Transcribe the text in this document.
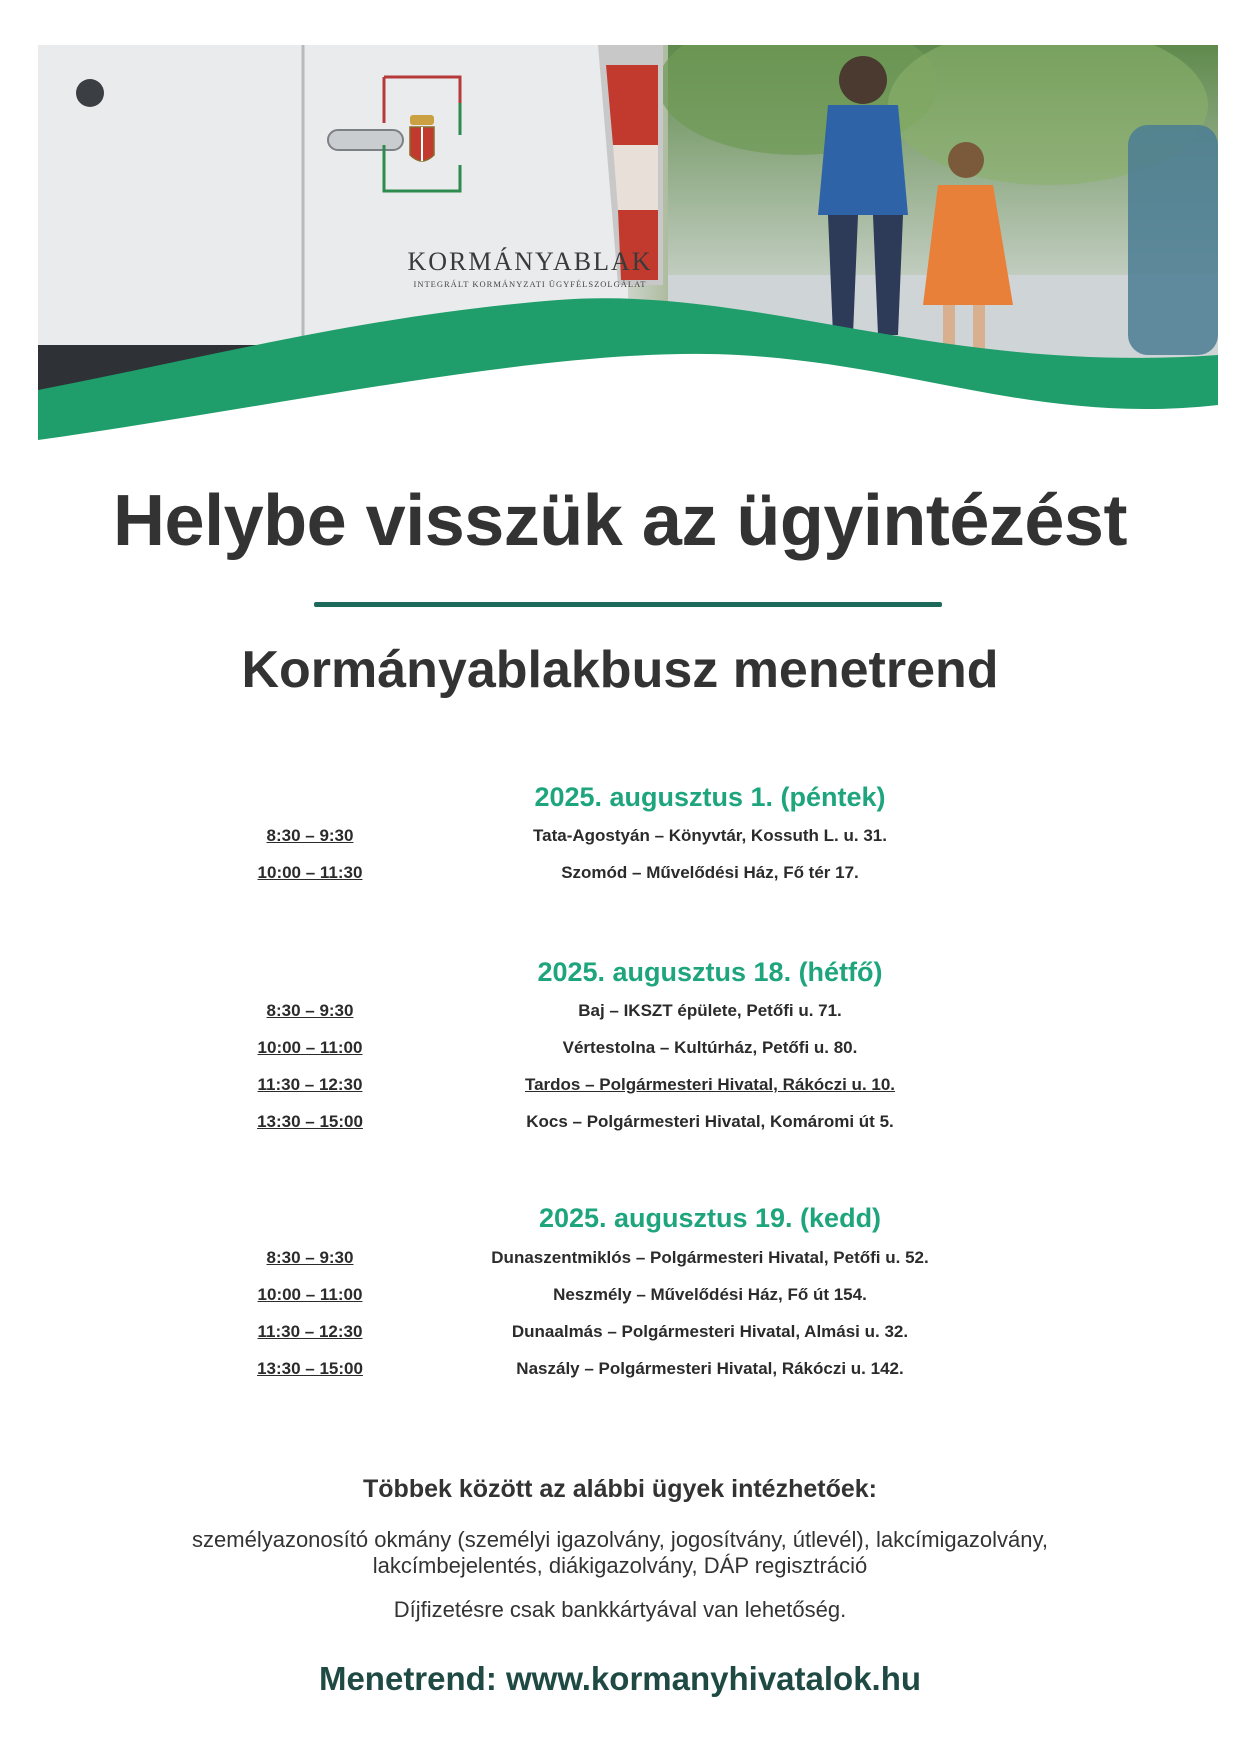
KORMÁNYABLAK
INTEGRÁLT KORMÁNYZATI ÜGYFÉLSZOLGÁLAT
Helybe visszük az ügyintézést
Kormányablakbusz menetrend
2025. augusztus 1. (péntek)
8:30 – 9:30	Tata-Agostyán – Könyvtár, Kossuth L. u. 31.
10:00 – 11:30	Szomód – Művelődési Ház, Fő tér 17.
2025. augusztus 18. (hétfő)
8:30 – 9:30	Baj – IKSZT épülete, Petőfi u. 71.
10:00 – 11:00	Vértestolna – Kultúrház, Petőfi u. 80.
11:30 – 12:30	Tardos – Polgármesteri Hivatal, Rákóczi u. 10.
13:30 – 15:00	Kocs – Polgármesteri Hivatal, Komáromi út 5.
2025. augusztus 19. (kedd)
8:30 – 9:30	Dunaszentmiklós – Polgármesteri Hivatal, Petőfi u. 52.
10:00 – 11:00	Neszmély – Művelődési Ház, Fő út 154.
11:30 – 12:30	Dunaalmás – Polgármesteri Hivatal, Almási u. 32.
13:30 – 15:00	Naszály – Polgármesteri Hivatal, Rákóczi u. 142.
Többek között az alábbi ügyek intézhetőek:
személyazonosító okmány (személyi igazolvány, jogosítvány, útlevél), lakcímigazolvány,
lakcímbejelentés, diákigazolvány, DÁP regisztráció
Díjfizetésre csak bankkártyával van lehetőség.
Menetrend: www.kormanyhivatalok.hu
